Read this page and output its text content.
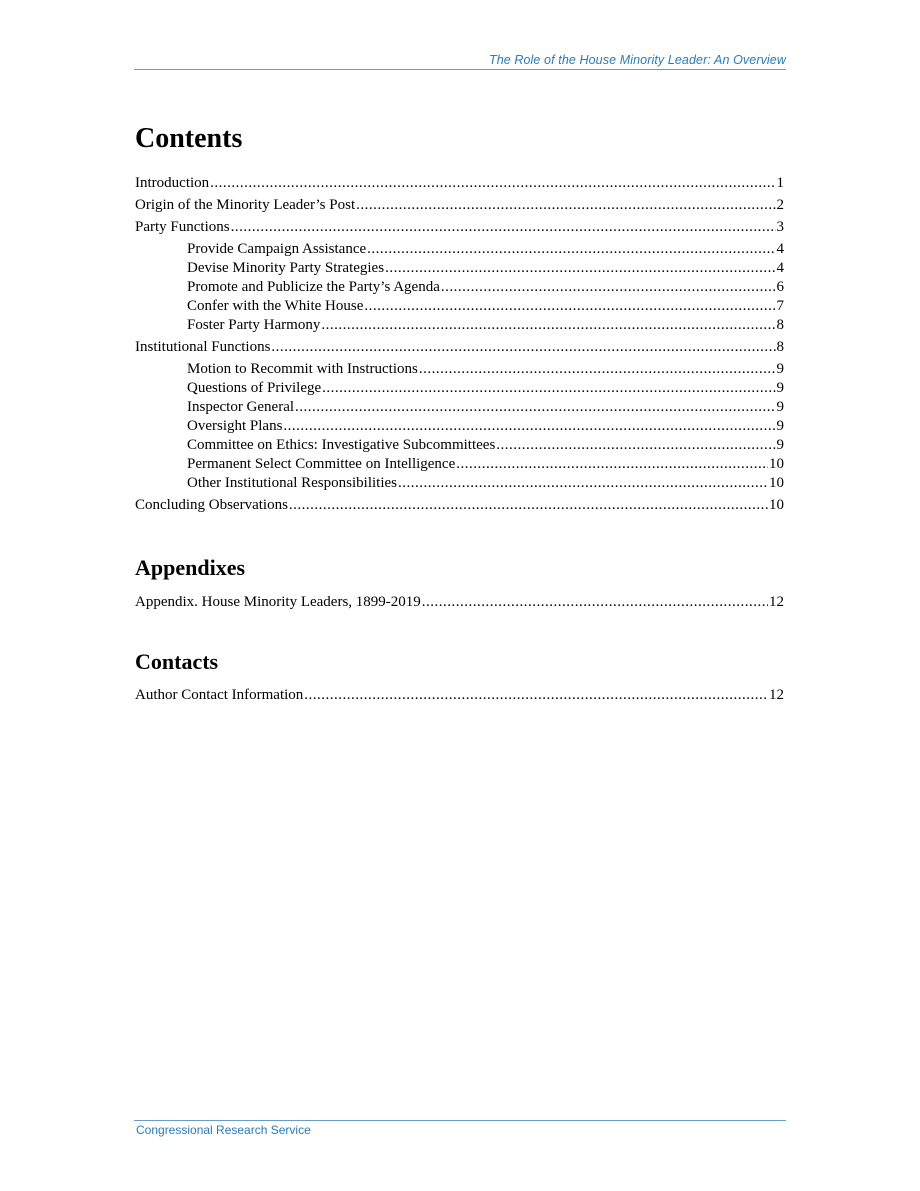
The Role of the House Minority Leader: An Overview
Contents
Introduction .....	1
Origin of the Minority Leader’s Post .....	2
Party Functions .....	3
Provide Campaign Assistance .....	4
Devise Minority Party Strategies .....	4
Promote and Publicize the Party’s Agenda .....	6
Confer with the White House .....	7
Foster Party Harmony .....	8
Institutional Functions .....	8
Motion to Recommit with Instructions .....	9
Questions of Privilege .....	9
Inspector General .....	9
Oversight Plans .....	9
Committee on Ethics: Investigative Subcommittees .....	9
Permanent Select Committee on Intelligence .....	10
Other Institutional Responsibilities .....	10
Concluding Observations .....	10
Appendixes
Appendix. House Minority Leaders, 1899-2019 .....	12
Contacts
Author Contact Information .....	12
Congressional Research Service
